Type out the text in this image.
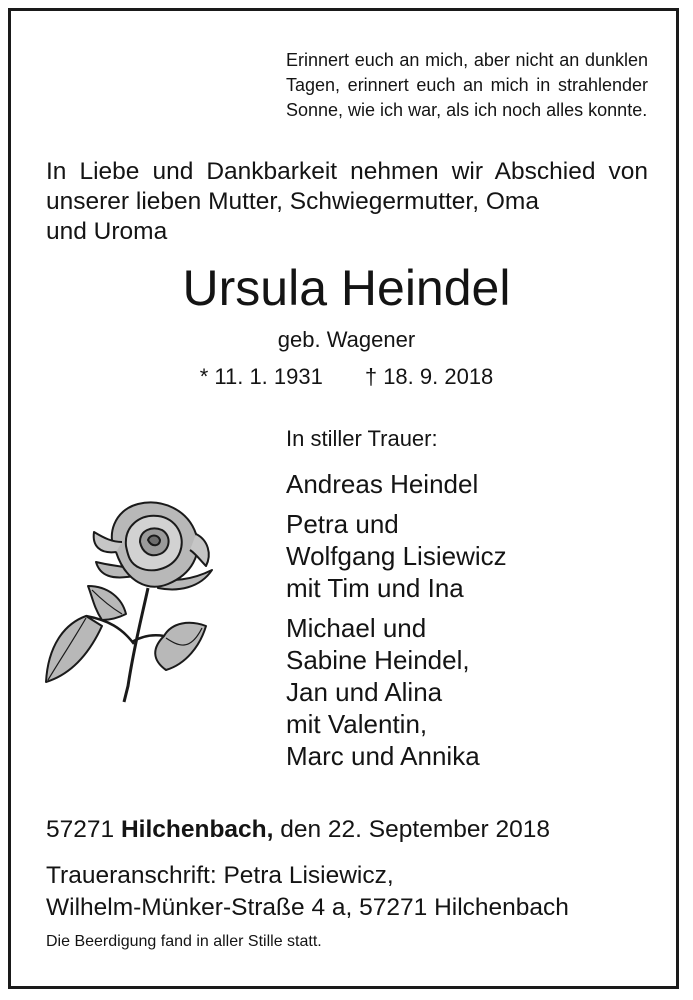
Erinnert euch an mich, aber nicht an dunklen Tagen, erinnert euch an mich in strahlender Sonne, wie ich war, als ich noch alles konnte.

In Liebe und Dankbarkeit nehmen wir Abschied von unserer lieben Mutter, Schwiegermutter, Oma
und Uroma

Ursula Heindel
geb. Wagener
* 11. 1. 1931 † 18. 9. 2018
In stiller Trauer:
Andreas Heindel
Petra und
Wolfgang Lisiewicz
mit Tim und Ina
Michael und
Sabine Heindel,
Jan und Alina
mit Valentin,
Marc und Annika
57271 Hilchenbach, den 22. September 2018
Traueranschrift: Petra Lisiewicz,
Wilhelm-Münker-Straße 4 a, 57271 Hilchenbach
Die Beerdigung fand in aller Stille statt.
